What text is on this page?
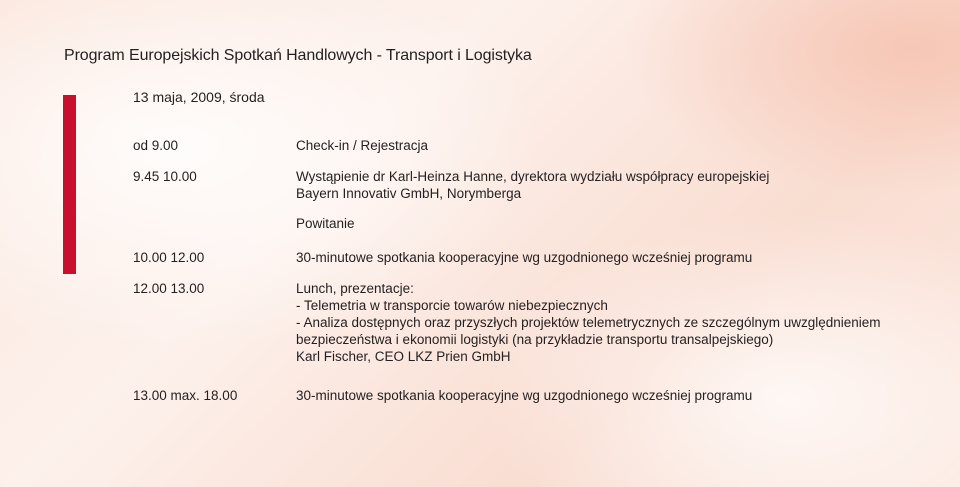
Program Europejskich Spotkań Handlowych - Transport i Logistyka
13 maja, 2009, środa
od 9.00	Check-in / Rejestracja
9.45 10.00	Wystąpienie dr Karl-Heinza Hanne, dyrektora wydziału współpracy europejskiej
Bayern Innovativ GmbH, Norymberga
Powitanie
10.00 12.00	30-minutowe spotkania kooperacyjne wg uzgodnionego wcześniej programu
12.00 13.00	Lunch, prezentacje:
- Telemetria w transporcie towarów niebezpiecznych
- Analiza dostępnych oraz przyszłych projektów telemetrycznych ze szczególnym uwzględnieniem
bezpieczeństwa i ekonomii logistyki (na przykładzie transportu transalpejskiego)
Karl Fischer, CEO LKZ Prien GmbH
13.00 max. 18.00	30-minutowe spotkania kooperacyjne wg uzgodnionego wcześniej programu
